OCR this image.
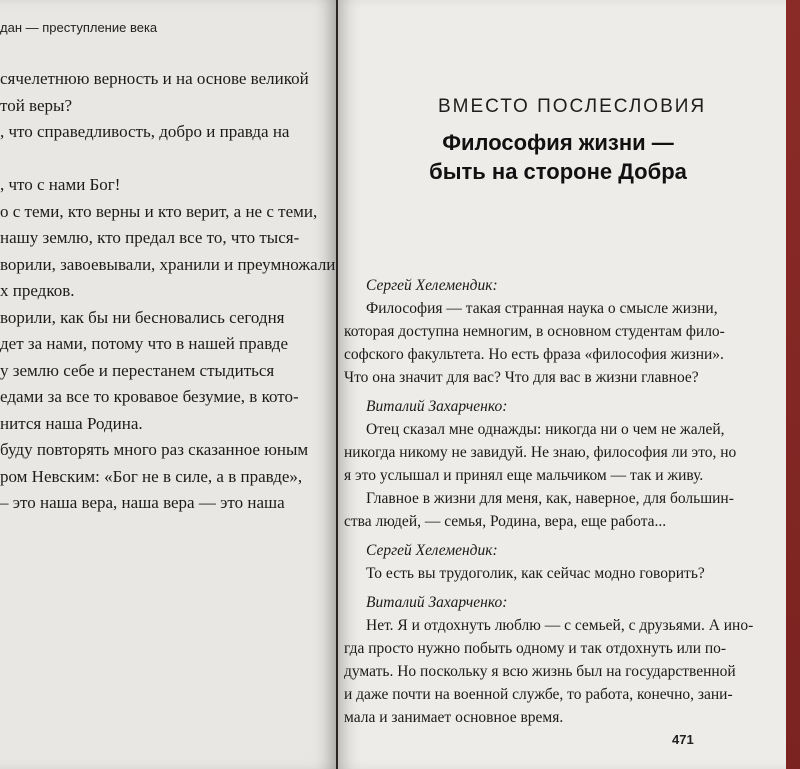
дан — преступление века
сячелетнюю верность и на основе великой
той веры?
, что справедливость, добро и правда на

, что с нами Бог!
о с теми, кто верны и кто верит, а не с теми,
нашу землю, кто предал все то, что тыся-
ворили, завоевывали, хранили и преумножали
х предков.
ворили, как бы ни бесновались сегодня
дет за нами, потому что в нашей правде
у землю себе и перестанем стыдиться
едами за все то кровавое безумие, в кото-
нится наша Родина.
буду повторять много раз сказанное юным
ром Невским: «Бог не в силе, а в правде»,
– это наша вера, наша вера — это наша
ВМЕСТО ПОСЛЕСЛОВИЯ
Философия жизни —
быть на стороне Добра
Сергей Хелемендик:
Философия — такая странная наука о смысле жизни,
которая доступна немногим, в основном студентам фило-
софского факультета. Но есть фраза «философия жизни».
Что она значит для вас? Что для вас в жизни главное?
Виталий Захарченко:
Отец сказал мне однажды: никогда ни о чем не жалей,
никогда никому не завидуй. Не знаю, философия ли это, но
я это услышал и принял еще мальчиком — так и живу.
Главное в жизни для меня, как, наверное, для большин-
ства людей, — семья, Родина, вера, еще работа...
Сергей Хелемендик:
То есть вы трудоголик, как сейчас модно говорить?
Виталий Захарченко:
Нет. Я и отдохнуть люблю — с семьей, с друзьями. А ино-
гда просто нужно побыть одному и так отдохнуть или по-
думать. Но поскольку я всю жизнь был на государственной
и даже почти на военной службе, то работа, конечно, зани-
мала и занимает основное время.
471
